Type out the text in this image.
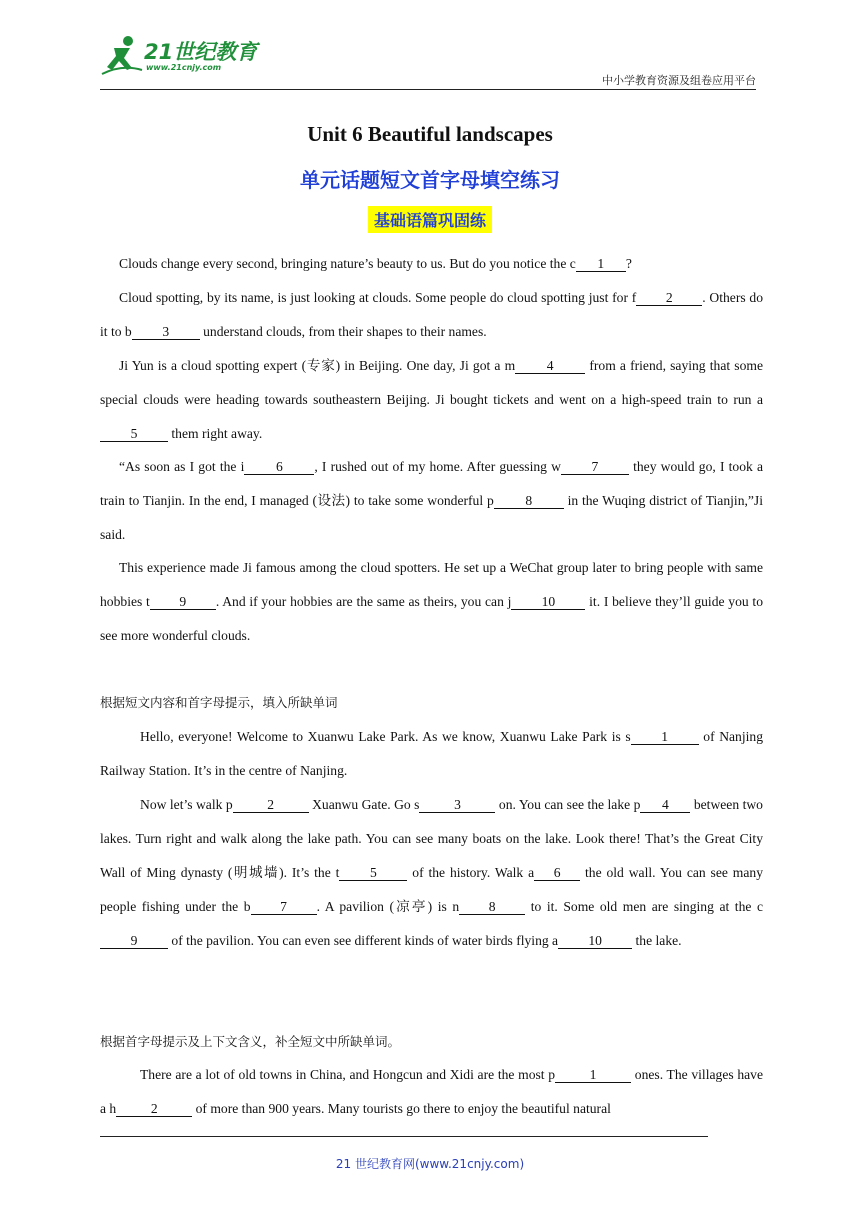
21世纪教育
www.21cnjy.com
中小学教育资源及组卷应用平台
Unit 6 Beautiful landscapes
单元话题短文首字母填空练习
基础语篇巩固练
Clouds change every second, bringing nature’s beauty to us. But do you notice the c 1 ?
Cloud spotting, by its name, is just looking at clouds. Some people do cloud spotting just for f 2 . Others do it to b 3 understand clouds, from their shapes to their names.
Ji Yun is a cloud spotting expert (专家) in Beijing. One day, Ji got a m 4 from a friend, saying that some special clouds were heading towards southeastern Beijing. Ji bought tickets and went on a high-speed train to run a5 them right away.
“As soon as I got the i 6 , I rushed out of my home. After guessing w 7 they would go, I took a train to Tianjin. In the end, I managed (设法) to take some wonderful p 8 in the Wuqing district of Tianjin,”Ji said.
This experience made Ji famous among the cloud spotters. He set up a WeChat group later to bring people with same hobbies t 9 . And if your hobbies are the same as theirs, you can j 10 it. I believe they’ll guide you to see more wonderful clouds.
根据短文内容和首字母提示，填入所缺单词
Hello, everyone! Welcome to Xuanwu Lake Park. As we know, Xuanwu Lake Park is s 1 of Nanjing Railway Station. It’s in the centre of Nanjing.
Now let’s walk p	2	Xuanwu Gate. Go s	3	on. You can see the lake p 4 between two lakes. Turn right and walk along the lake path. You can see many boats on the lake. Look there! That’s the Great City Wall of Ming dynasty (明城墙). It’s the t 5 of the history. Walk a 6 the old wall. You can see many people fishing under the b 7 . A pavilion (凉亭) is n 8 to it. Some old men are singing at the c9 of the pavilion. You can even see different kinds of water birds flying a 10 the lake.
根据首字母提示及上下文含义，补全短文中所缺单词。
There are a lot of old towns in China, and Hongcun and Xidi are the most p	1	ones. The villages have a h	2	of more than 900 years. Many tourists go there to enjoy the beautiful natural
21 世纪教育网(www.21cnjy.com)
